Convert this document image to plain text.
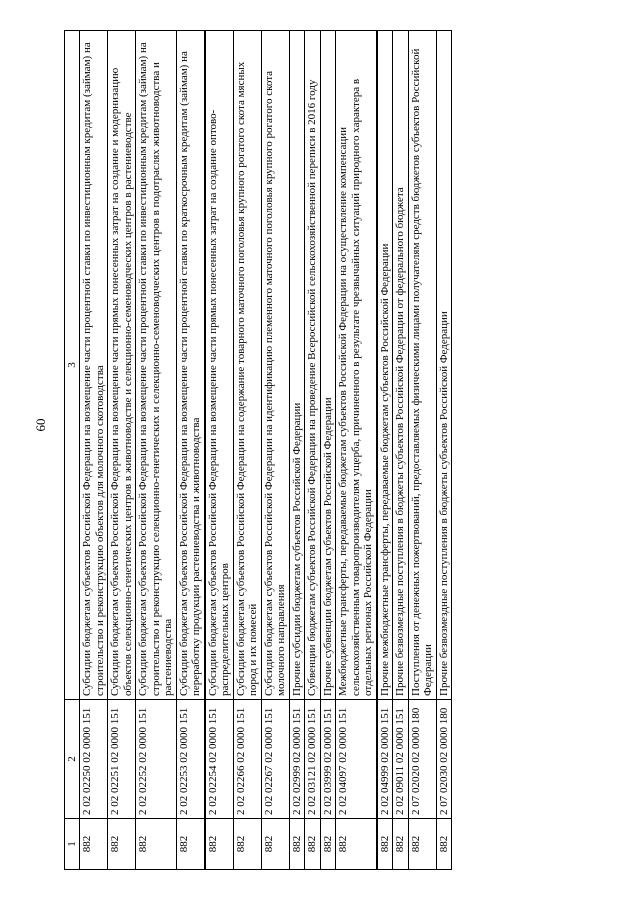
60
1	2	3
882	2 02 02250 02 0000 151	Субсидии бюджетам субъектов Российской Федерации на возмещение части процентной ставки по инвестиционным кредитам (займам) на строительство и реконструкцию объектов для молочного скотоводства
882	2 02 02251 02 0000 151	Субсидии бюджетам субъектов Российской Федерации на возмещение части прямых понесенных затрат на создание и модернизацию объектов селекционно-генетических центров в животноводстве и селекционно-семеноводческих центров в растениеводстве
882	2 02 02252 02 0000 151	Субсидии бюджетам субъектов Российской Федерации на возмещение части процентной ставки по инвестиционным кредитам (займам) на строительство и реконструкцию селекционно-генетических и селекционно-семеноводческих центров в подотраслях животноводства и растениеводства
882	2 02 02253 02 0000 151	Субсидии бюджетам субъектов Российской Федерации на возмещение части процентной ставки по краткосрочным кредитам (займам) на переработку продукции растениеводства и животноводства
882	2 02 02254 02 0000 151	Субсидии бюджетам субъектов Российской Федерации на возмещение части прямых понесенных затрат на создание оптово-распределительных центров
882	2 02 02266 02 0000 151	Субсидии бюджетам субъектов Российской Федерации на содержание товарного маточного поголовья крупного рогатого скота мясных пород и их помесей
882	2 02 02267 02 0000 151	Субсидии бюджетам субъектов Российской Федерации на идентификацию племенного маточного поголовья крупного рогатого скота молочного направления
882	2 02 02999 02 0000 151	Прочие субсидии бюджетам субъектов Российской Федерации
882	2 02 03121 02 0000 151	Субвенции бюджетам субъектов Российской Федерации на проведение Всероссийской сельскохозяйственной переписи в 2016 году
882	2 02 03999 02 0000 151	Прочие субвенции бюджетам субъектов Российской Федерации
882	2 02 04097 02 0000 151	Межбюджетные трансферты, передаваемые бюджетам субъектов Российской Федерации на осуществление компенсации сельскохозяйственным товаропроизводителям ущерба, причиненного в результате чрезвычайных ситуаций природного характера в отдельных регионах Российской Федерации
882	2 02 04999 02 0000 151	Прочие межбюджетные трансферты, передаваемые бюджетам субъектов Российской Федерации
882	2 02 09011 02 0000 151	Прочие безвозмездные поступления в бюджеты субъектов Российской Федерации от федерального бюджета
882	2 07 02020 02 0000 180	Поступления от денежных пожертвований, предоставляемых физическими лицами получателям средств бюджетов субъектов Российской Федерации
882	2 07 02030 02 0000 180	Прочие безвозмездные поступления в бюджеты субъектов Российской Федерации
